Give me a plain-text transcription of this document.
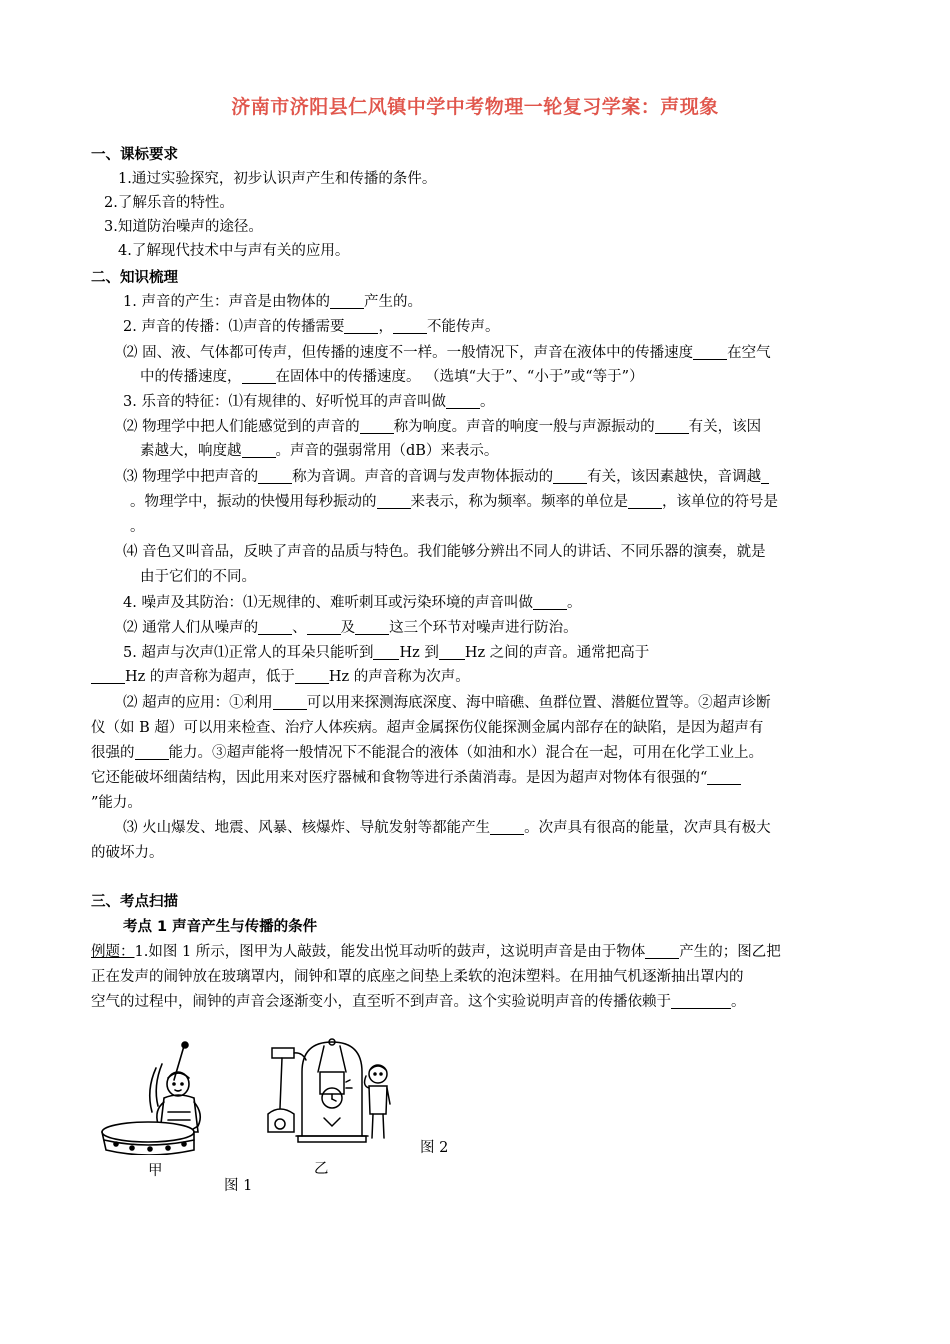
济南市济阳县仁风镇中学中考物理一轮复习学案：声现象
一、课标要求
1.通过实验探究，初步认识声产生和传播的条件。
2.了解乐音的特性。
3.知道防治噪声的途径。
4.了解现代技术中与声有关的应用。
二、知识梳理
1. 声音的产生：声音是由物体的 产生的。
2. 声音的传播：⑴声音的传播需要 ， 不能传声。
⑵ 固、液、气体都可传声，但传播的速度不一样。一般情况下，声音在液体中的传播速度 在空气
中的传播速度， 在固体中的传播速度。 （选填“大于”、“小于”或“等于”）
3. 乐音的特征：⑴有规律的、好听悦耳的声音叫做 。
⑵ 物理学中把人们能感觉到的声音的 称为响度。声音的响度一般与声源振动的 有关，该因
素越大，响度越 。声音的强弱常用（dB）来表示。
⑶ 物理学中把声音的 称为音调。声音的音调与发声物体振动的 有关，该因素越快，音调越
。物理学中，振动的快慢用每秒振动的 来表示，称为频率。频率的单位是 ，该单位的符号是
。
⑷ 音色又叫音品，反映了声音的品质与特色。我们能够分辨出不同人的讲话、不同乐器的演奏，就是
由于它们的不同。
4. 噪声及其防治：⑴无规律的、难听刺耳或污染环境的声音叫做 。
⑵ 通常人们从噪声的 、 及 这三个环节对噪声进行防治。
5. 超声与次声⑴正常人的耳朵只能听到 Hz 到 Hz 之间的声音。通常把高于
Hz 的声音称为超声，低于 Hz 的声音称为次声。
⑵ 超声的应用：①利用 可以用来探测海底深度、海中暗礁、鱼群位置、潜艇位置等。②超声诊断
仪（如 B 超）可以用来检查、治疗人体疾病。超声金属探伤仪能探测金属内部存在的缺陷，是因为超声有
很强的 能力。③超声能将一般情况下不能混合的液体（如油和水）混合在一起，可用在化学工业上。
它还能破坏细菌结构，因此用来对医疗器械和食物等进行杀菌消毒。是因为超声对物体有很强的“
”能力。
⑶ 火山爆发、地震、风暴、核爆炸、导航发射等都能产生 。次声具有很高的能量，次声具有极大
的破坏力。
三、考点扫描
考点 1 声音产生与传播的条件
例题：1.如图 1 所示，图甲为人敲鼓，能发出悦耳动听的鼓声，这说明声音是由于物体 产生的；图乙把
正在发声的闹钟放在玻璃罩内，闹钟和罩的底座之间垫上柔软的泡沫塑料。在用抽气机逐渐抽出罩内的
空气的过程中，闹钟的声音会逐渐变小，直至听不到声音。这个实验说明声音的传播依赖于	。
甲	乙
图 1
图 2
